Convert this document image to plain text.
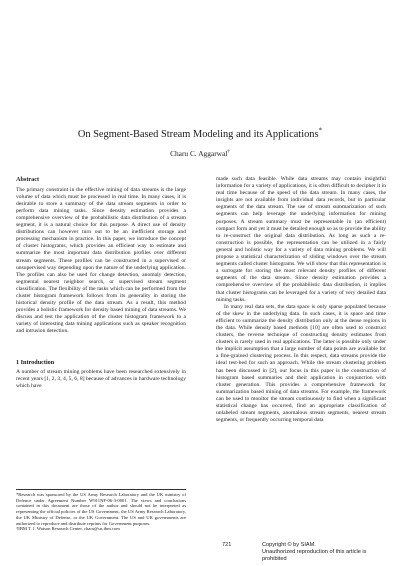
On Segment-Based Stream Modeling and its Applications*
Charu C. Aggarwal†
Abstract

The primary constraint in the effective mining of data streams is the large volume of data which must be processed in real time. In many cases, it is desirable to store a summary of the data stream segments in order to perform data mining tasks. Since density estimation provides a comprehensive overview of the probabilistic data distribution of a stream segment, it is a natural choice for this purpose. A direct use of density distributions can however turn out to be an inefficient storage and processing mechanism in practice. In this paper, we introduce the concept of cluster histograms, which provides an efficient way to estimate and summarize the most important data distribution profiles over different stream segments. These profiles can be constructed in a supervised or unsupervised way depending upon the nature of the underlying application. The profiles can also be used for change detection, anomaly detection, segmental nearest neighbor search, or supervised stream segment classification. The flexibility of the tasks which can be performed from the cluster histogram framework follows from its generality in storing the historical density profile of the data stream. As a result, this method provides a holistic framework for density based mining of data streams. We discuss and test the application of the cluster histogram framework to a variety of interesting data mining applications such as speaker recognition and intrusion detection.

1 Introduction

A number of stream mining problems have been researched extensively in recent years [1, 2, 3, 4, 5, 6, 8] because of advances in hardware technology which have

made such data feasible. While data streams may contain insightful information for a variety of applications, it is often difficult to decipher it in real time because of the speed of the data stream. In many cases, the insights are not available from individual data records, but in particular segments of the data stream. The use of stream summarization of such segments can help leverage the underlying information for mining purposes. A stream summary must be representable in (an efficient) compact form and yet it must be detailed enough so as to provide the ability to re-construct the original data distribution. As long as such a re-construction is possible, the representation can be utilized in a fairly general and holistic way for a variety of data mining problems. We will propose a statistical characterization of sliding windows over the stream segments called cluster histograms. We will show that this representation is a surrogate for storing the most relevant density profiles of different segments of the data stream. Since density estimation provides a comprehensive overview of the probabilistic data distribution, it implies that cluster histograms can be leveraged for a variety of very detailed data mining tasks.

In many real data sets, the data space is only sparse populated because of the skew in the underlying data. In such cases, it is space and time efficient to summarize the density distribution only at the dense regions in the data. While density based methods [10] are often used to construct clusters, the reverse technique of constructing density estimates from clusters is rarely used in real applications. The latter is possible only under the implicit assumption that a large number of data points are available for a fine-grained clustering process. In this respect, data streams provide the ideal test-bed for such an approach. While the stream clustering problem has been discussed in [2], our focus in this paper is the construction of histogram based summaries and their application in conjunction with cluster generation. This provides a comprehensive framework for summarization based mining of data streams. For example, the framework can be used to monitor the stream continuously to find when a significant statistical change has occurred, find an appropriate classification of unlabeled stream segments, anomalous stream segments, nearest stream segments, or frequently occurring temporal data

*Research was sponsored by the US Army Research Laboratory and the UK ministry of Defence under Agreement Number W911NF-06-3-0001. The views and conclusions contained in this document are those of the author and should not be interpreted as representing the official policies of the US Government, the US Army Research Laboratory, the UK Ministry of Defense, or the UK Government. The US and UK governments are authorized to reproduce and distribute reprints for Government purposes.

†IBM T. J. Watson Research Center, charu@us.ibm.com

721	Copyright © by SIAM.
Unauthorized reproduction of this article is prohibited
